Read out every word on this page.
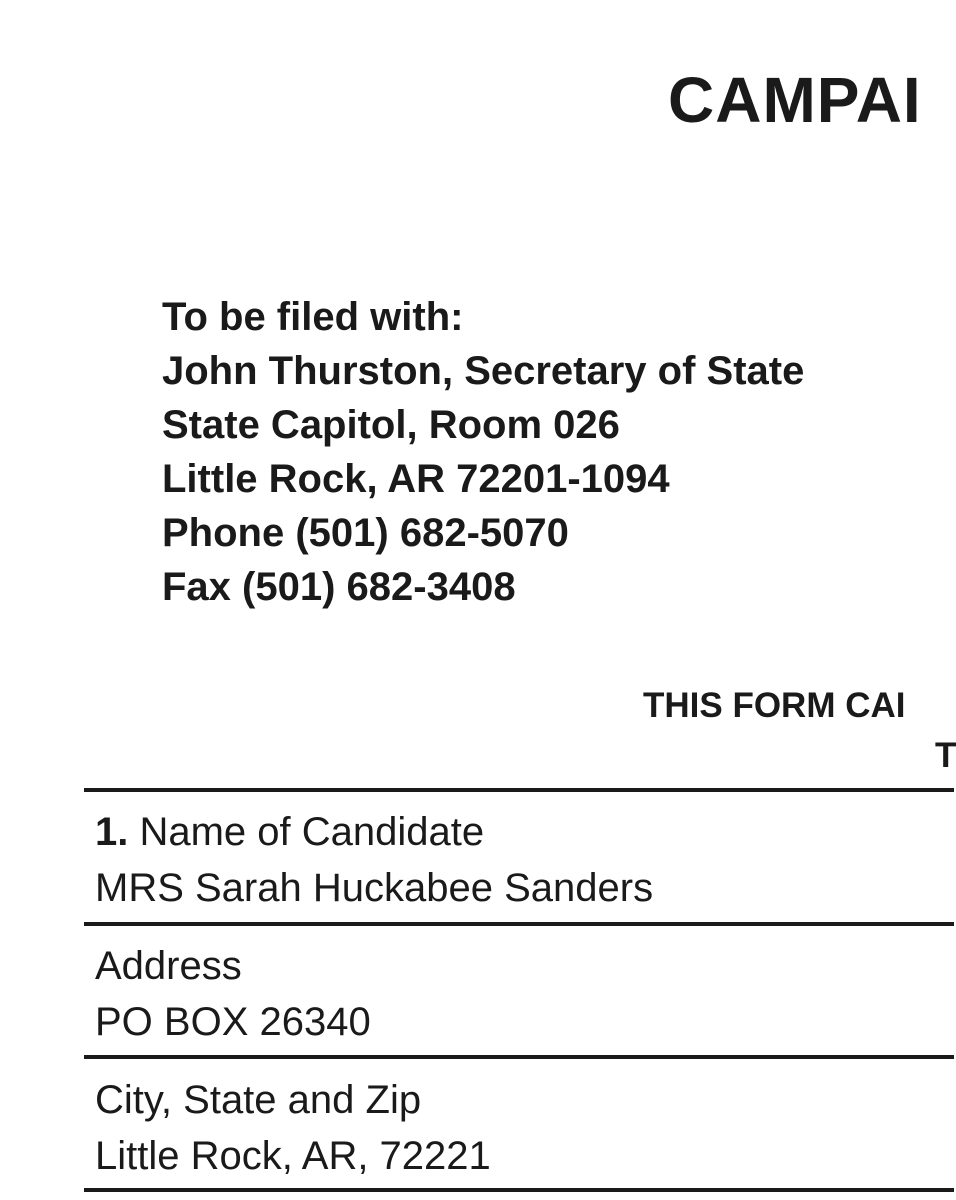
CAMPAI
To be filed with:
John Thurston, Secretary of State
State Capitol, Room 026
Little Rock, AR 72201-1094
Phone (501) 682-5070
Fax (501) 682-3408
THIS FORM CAI
T
1. Name of Candidate
MRS Sarah Huckabee Sanders
Address
PO BOX 26340
City, State and Zip
Little Rock, AR, 72221
